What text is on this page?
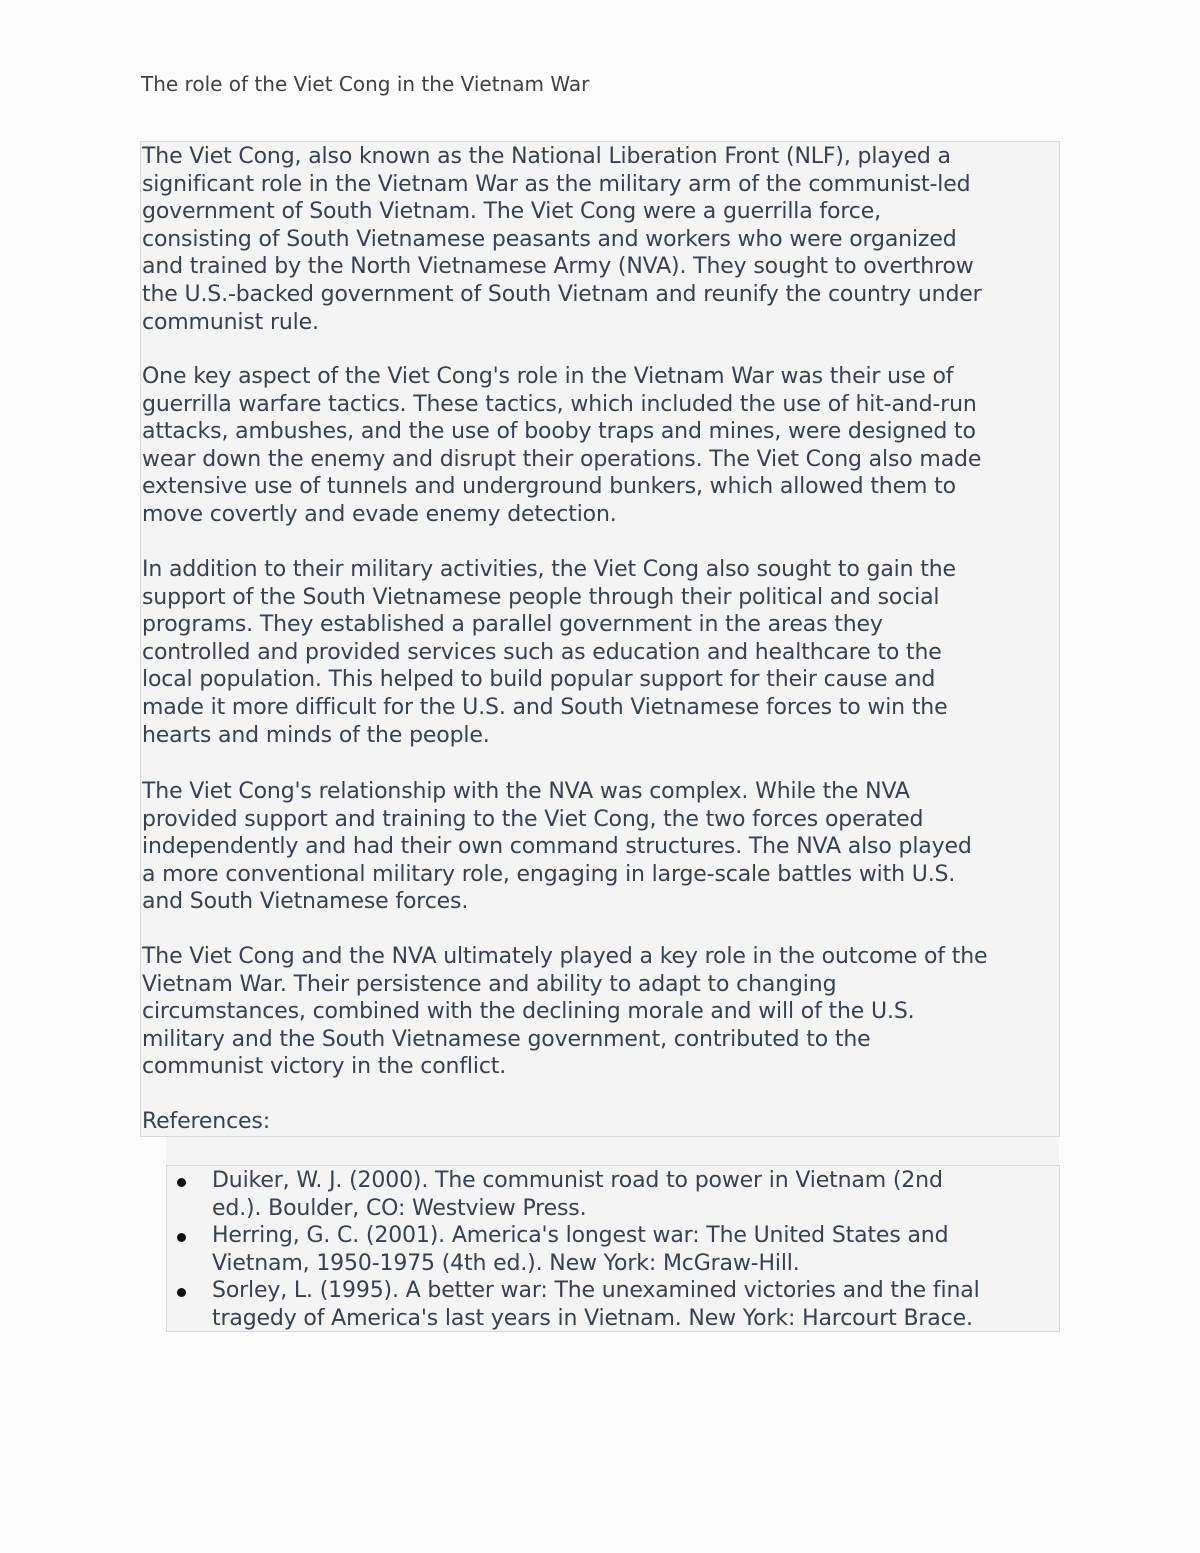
The role of the Viet Cong in the Vietnam War

The Viet Cong, also known as the National Liberation Front (NLF), played a
significant role in the Vietnam War as the military arm of the communist-led
government of South Vietnam. The Viet Cong were a guerrilla force,
consisting of South Vietnamese peasants and workers who were organized
and trained by the North Vietnamese Army (NVA). They sought to overthrow
the U.S.-backed government of South Vietnam and reunify the country under
communist rule.

One key aspect of the Viet Cong's role in the Vietnam War was their use of
guerrilla warfare tactics. These tactics, which included the use of hit-and-run
attacks, ambushes, and the use of booby traps and mines, were designed to
wear down the enemy and disrupt their operations. The Viet Cong also made
extensive use of tunnels and underground bunkers, which allowed them to
move covertly and evade enemy detection.

In addition to their military activities, the Viet Cong also sought to gain the
support of the South Vietnamese people through their political and social
programs. They established a parallel government in the areas they
controlled and provided services such as education and healthcare to the
local population. This helped to build popular support for their cause and
made it more difficult for the U.S. and South Vietnamese forces to win the
hearts and minds of the people.

The Viet Cong's relationship with the NVA was complex. While the NVA
provided support and training to the Viet Cong, the two forces operated
independently and had their own command structures. The NVA also played
a more conventional military role, engaging in large-scale battles with U.S.
and South Vietnamese forces.

The Viet Cong and the NVA ultimately played a key role in the outcome of the
Vietnam War. Their persistence and ability to adapt to changing
circumstances, combined with the declining morale and will of the U.S.
military and the South Vietnamese government, contributed to the
communist victory in the conflict.

References:

Duiker, W. J. (2000). The communist road to power in Vietnam (2nd
ed.). Boulder, CO: Westview Press.
Herring, G. C. (2001). America's longest war: The United States and
Vietnam, 1950-1975 (4th ed.). New York: McGraw-Hill.
Sorley, L. (1995). A better war: The unexamined victories and the final
tragedy of America's last years in Vietnam. New York: Harcourt Brace.
